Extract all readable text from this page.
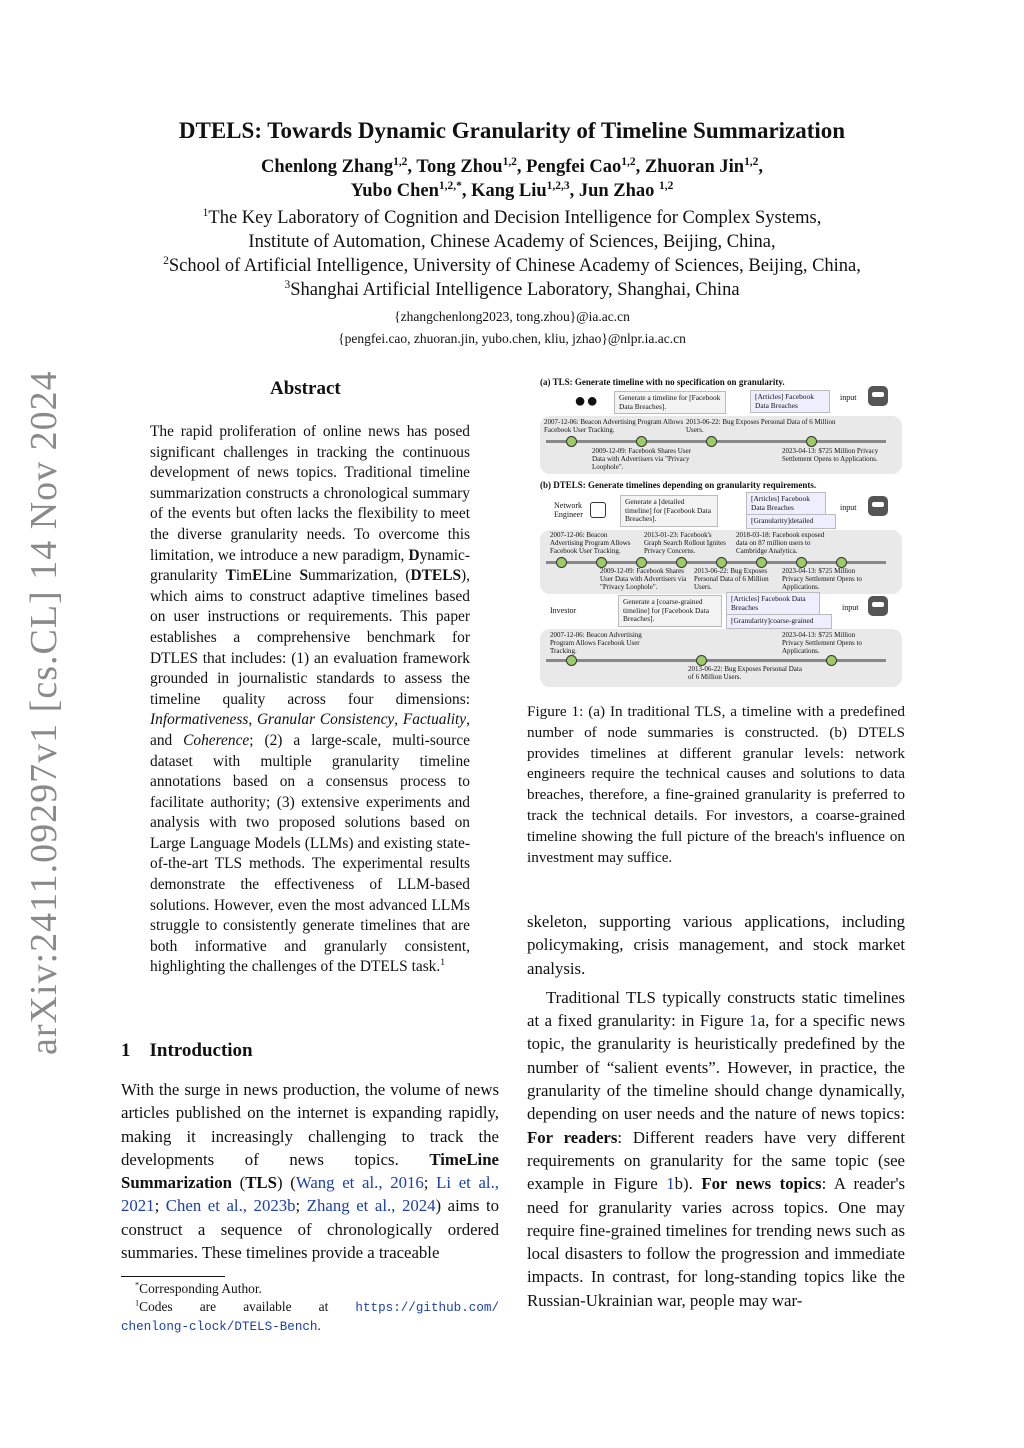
arXiv:2411.09297v1 [cs.CL] 14 Nov 2024
DTELS: Towards Dynamic Granularity of Timeline Summarization
Chenlong Zhang$^{1,2}$, Tong Zhou$^{1,2}$, Pengfei Cao$^{1,2}$, Zhuoran Jin$^{1,2}$,
Yubo Chen$^{1,2,*}$, Kang Liu$^{1,2,3}$, Jun Zhao $^{1,2}$
$^1$The Key Laboratory of Cognition and Decision Intelligence for Complex Systems,
Institute of Automation, Chinese Academy of Sciences, Beijing, China,
$^2$School of Artificial Intelligence, University of Chinese Academy of Sciences, Beijing, China,
$^3$Shanghai Artificial Intelligence Laboratory, Shanghai, China
{zhangchenlong2023, tong.zhou}@ia.ac.cn
{pengfei.cao, zhuoran.jin, yubo.chen, kliu, jzhao}@nlpr.ia.ac.cn
Abstract
The rapid proliferation of online news has posed significant challenges in tracking the continuous development of news topics. Traditional timeline summarization constructs a chronological summary of the events but often lacks the flexibility to meet the diverse granularity needs. To overcome this limitation, we introduce a new paradigm, Dynamic-granularity TimELine Summarization, (DTELS), which aims to construct adaptive timelines based on user instructions or requirements. This paper establishes a comprehensive benchmark for DTLES that includes: (1) an evaluation framework grounded in journalistic standards to assess the timeline quality across four dimensions: Informativeness, Granular Consistency, Factuality, and Coherence; (2) a large-scale, multi-source dataset with multiple granularity timeline annotations based on a consensus process to facilitate authority; (3) extensive experiments and analysis with two proposed solutions based on Large Language Models (LLMs) and existing state-of-the-art TLS methods. The experimental results demonstrate the effectiveness of LLM-based solutions. However, even the most advanced LLMs struggle to consistently generate timelines that are both informative and granularly consistent, highlighting the challenges of the DTELS task.$^1$
1    Introduction
With the surge in news production, the volume of news articles published on the internet is expanding rapidly, making it increasingly challenging to track the developments of news topics. TimeLine Summarization (TLS) (Wang et al., 2016; Li et al., 2021; Chen et al., 2023b; Zhang et al., 2024) aims to construct a sequence of chronologically ordered summaries. These timelines provide a traceable
*Corresponding Author.
$^1$Codes are available at https://github.com/
chenlong-clock/DTELS-Bench.
(a) TLS: Generate timeline with no specification on granularity.
●●	Generate a timeline for [Facebook Data Breaches].
[Articles] Facebook Data Breaches
input
2007-12-06: Beacon Advertising Program Allows Facebook User Tracking.
2013-06-22: Bug Exposes Personal Data of 6 Million Users.
2009-12-09: Facebook Shares User Data with Advertisers via "Privacy Loophole".
2023-04-13: $725 Million Privacy Settlement Opens to Applications.
(b) DTELS: Generate timelines depending on granularity requirements.
Network Engineer
Generate a [detailed timeline] for [Facebook Data Breaches].
[Articles] Facebook Data Breaches
[Granularity]detailed
input
2007-12-06: Beacon Advertising Program Allows Facebook User Tracking.
2013-01-23: Facebook's Graph Search Rollout Ignites Privacy Concerns.
2018-03-18: Facebook exposed data on 87 million users to Cambridge Analytica.
2009-12-09: Facebook Shares User Data with Advertisers via "Privacy Loophole".
2013-06-22: Bug Exposes Personal Data of 6 Million Users.
2023-04-13: $725 Million Privacy Settlement Opens to Applications.
Investor
Generate a [coarse-grained timeline] for [Facebook Data Breaches].
[Articles] Facebook Data Breaches
[Granularity]coarse-grained
input
2007-12-06: Beacon Advertising Program Allows Facebook User Tracking.
2023-04-13: $725 Million Privacy Settlement Opens to Applications.
2013-06-22: Bug Exposes Personal Data of 6 Million Users.
Figure 1: (a) In traditional TLS, a timeline with a predefined number of node summaries is constructed. (b) DTELS provides timelines at different granular levels: network engineers require the technical causes and solutions to data breaches, therefore, a fine-grained granularity is preferred to track the technical details. For investors, a coarse-grained timeline showing the full picture of the breach's influence on investment may suffice.

skeleton, supporting various applications, including policymaking, crisis management, and stock market analysis.

Traditional TLS typically constructs static timelines at a fixed granularity: in Figure 1a, for a specific news topic, the granularity is heuristically predefined by the number of “salient events”. However, in practice, the granularity of the timeline should change dynamically, depending on user needs and the nature of news topics: For readers: Different readers have very different requirements on granularity for the same topic (see example in Figure 1b). For news topics: A reader's need for granularity varies across topics. One may require fine-grained timelines for trending news such as local disasters to follow the progression and immediate impacts. In contrast, for long-standing topics like the Russian-Ukrainian war, people may war-
